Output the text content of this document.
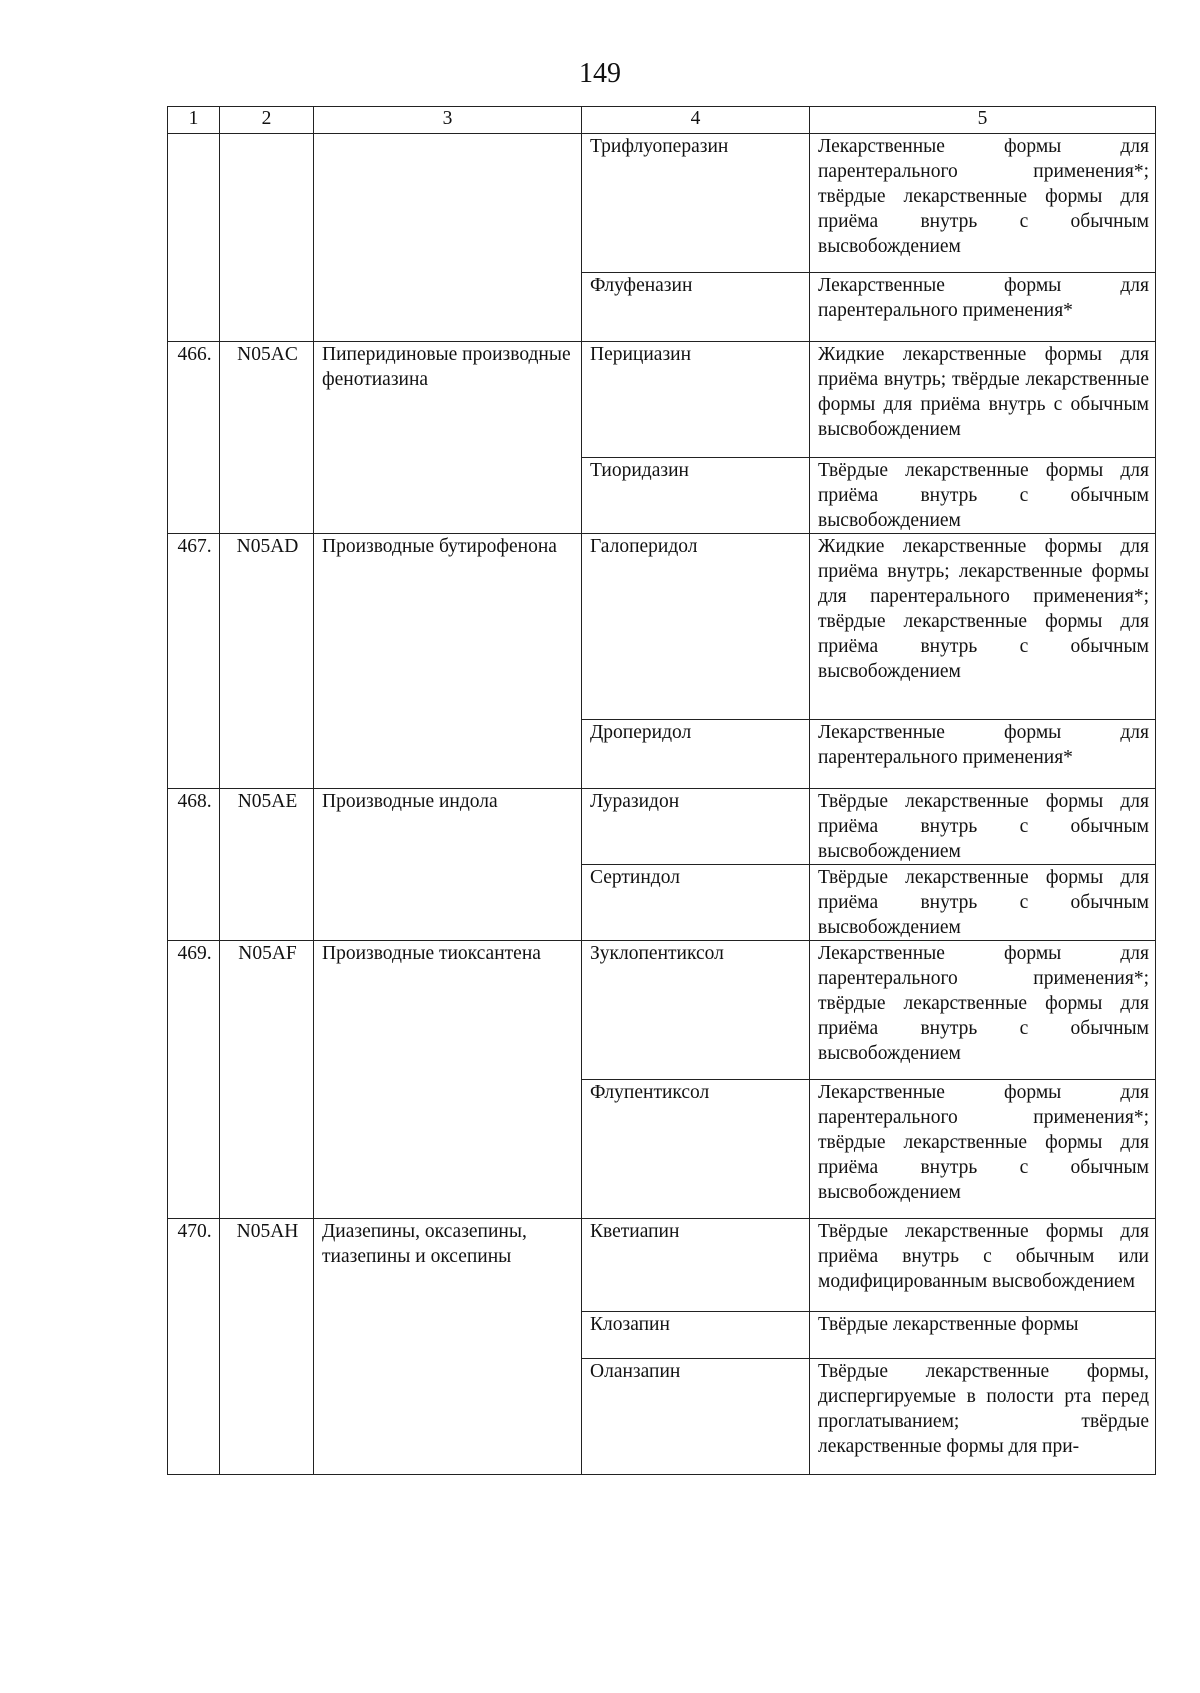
149
1	2	3	4	5
			Трифлуоперазин	Лекарственные формы для парентерального применения*; твёрдые лекарственные формы для приёма внутрь с обычным высвобождением
			Флуфеназин	Лекарственные формы для парентерального применения*
466.	N05AC	Пиперидиновые производные фенотиазина	Перициазин	Жидкие лекарственные формы для приёма внутрь; твёрдые лекарственные формы для приёма внутрь с обычным высвобождением
			Тиоридазин	Твёрдые лекарственные формы для приёма внутрь с обычным высвобождением
467.	N05AD	Производные бутирофенона	Галоперидол	Жидкие лекарственные формы для приёма внутрь; лекарственные формы для парентерального применения*; твёрдые лекарственные формы для приёма внутрь с обычным высвобождением
			Дроперидол	Лекарственные формы для парентерального применения*
468.	N05AE	Производные индола	Луразидон	Твёрдые лекарственные формы для приёма внутрь с обычным высвобождением
			Сертиндол	Твёрдые лекарственные формы для приёма внутрь с обычным высвобождением
469.	N05AF	Производные тиоксантена	Зуклопентиксол	Лекарственные формы для парентерального применения*; твёрдые лекарственные формы для приёма внутрь с обычным высвобождением
			Флупентиксол	Лекарственные формы для парентерального применения*; твёрдые лекарственные формы для приёма внутрь с обычным высвобождением
470.	N05AH	Диазепины, оксазепины, тиазепины и оксепины	Кветиапин	Твёрдые лекарственные формы для приёма внутрь с обычным или модифицированным высвобождением
			Клозапин	Твёрдые лекарственные формы
			Оланзапин	Твёрдые лекарственные формы, диспергируемые в полости рта перед проглатыванием; твёрдые лекарственные формы для при-
